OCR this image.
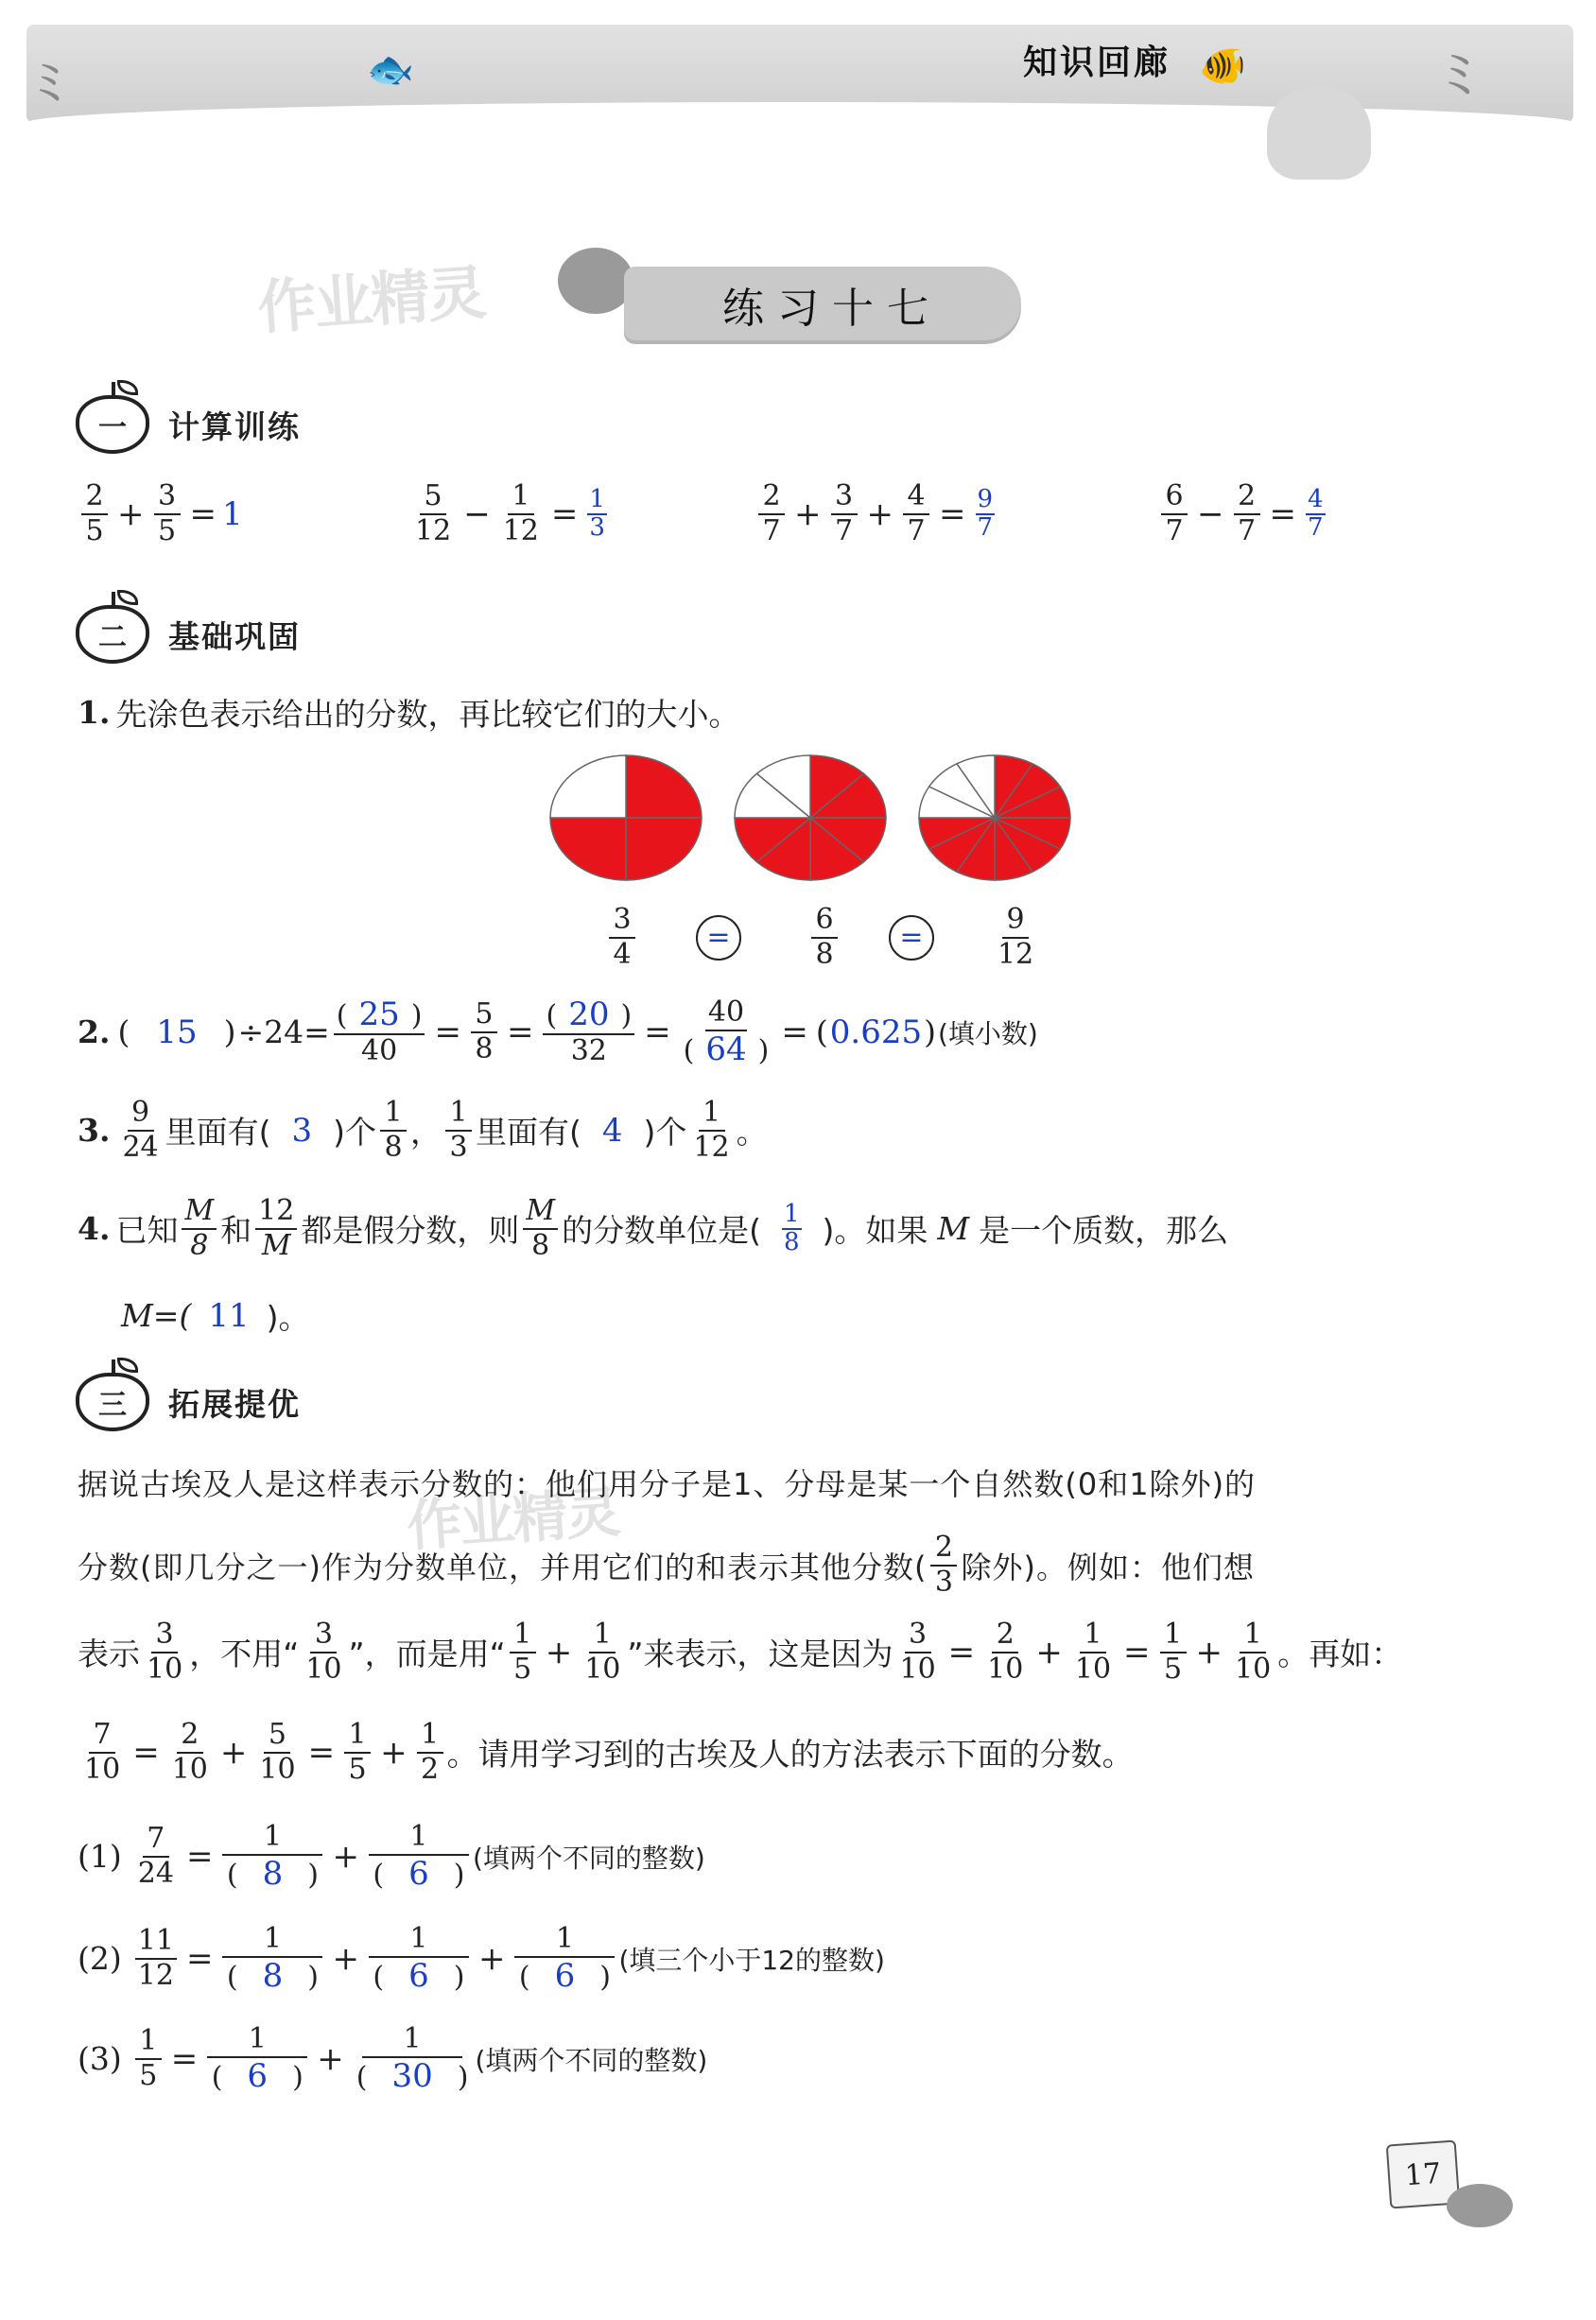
ﾐ	🐟	🐠	ﾐ
知识回廊
作业精灵	练习十七
一	计算训练
$\frac{2}{5} + \frac{3}{5} = 1$	$\frac{5}{12} - \frac{1}{12} = \frac{1}{3}$	$\frac{2}{7} + \frac{3}{7} + \frac{4}{7} = \frac{9}{7}$	$\frac{6}{7} - \frac{2}{7} = \frac{4}{7}$
二	基础巩固
1. 先涂色表示给出的分数，再比较它们的大小。
$\frac{3}{4}$	=	$\frac{6}{8}$	=	$\frac{9}{12}$
2. ( 15 ) $\div 24= \frac{( 25 )}{40} = \frac{5}{8} = \frac{( 20 )}{32} = \frac{40}{( 64 )}$ = ( 0.625 ) (填小数)
3. $\frac{9}{24}$ 里面有( 3 )个 $\frac{1}{8}$ ， $\frac{1}{3}$ 里面有( 4 )个 $\frac{1}{12}$ 。
4. 已知 $\frac{M}{8}$ 和 $\frac{12}{M}$ 都是假分数，则 $\frac{M}{8}$ 的分数单位是( 1
8 )。如果 M 是一个质数，那么
M=( 11 )。
三	拓展提优
作业精灵
据说古埃及人是这样表示分数的：他们用分子是1、分母是某一个自然数(0和1除外)的
分数(即几分之一)作为分数单位，并用它们的和表示其他分数( $\frac{2}{3}$ 除外)。例如：他们想
表示 $\frac{3}{10}$ ，不用“ $\frac{3}{10}$ ”，而是用“ $\frac{1}{5} + \frac{1}{10}$ ”来表示，这是因为 $\frac{3}{10} = \frac{2}{10} + \frac{1}{10} = \frac{1}{5} + \frac{1}{10}$ 。再如：
$\frac{7}{10} = \frac{2}{10} + \frac{5}{10} = \frac{1}{5} + \frac{1}{2}$ 。请用学习到的古埃及人的方法表示下面的分数。
$(1) \frac{7}{24} = \frac{1}{( 8 )} + \frac{1}{( 6 )}$ (填两个不同的整数)
$(2) \frac{11}{12} = \frac{1}{( 8 )} + \frac{1}{( 6 )} + \frac{1}{( 6 )}$ (填三个小于12的整数)
$(3) \frac{1}{5} = \frac{1}{( 6 )} + \frac{1}{( 30 )}$ (填两个不同的整数)
17
